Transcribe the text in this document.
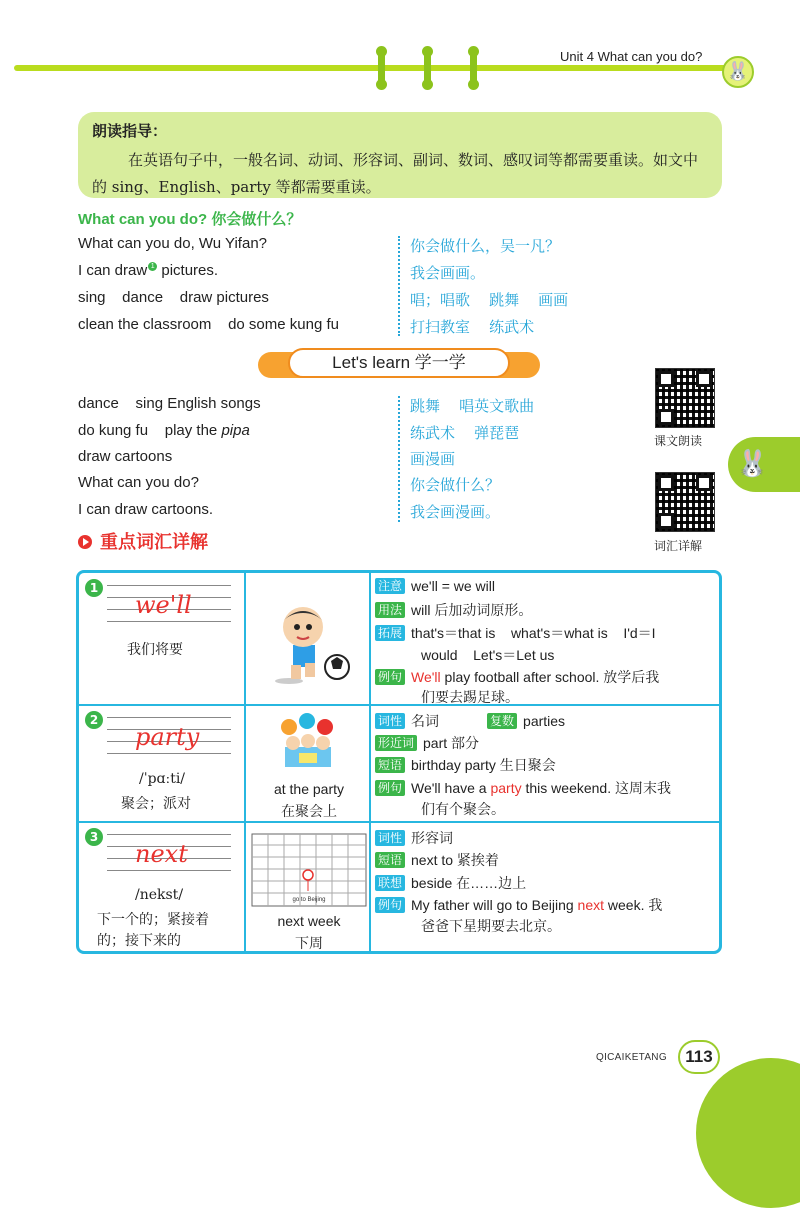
Unit 4 What can you do?
🐰

朗读指导：

在英语句子中，一般名词、动词、形容词、副词、数词、感叹词等都需要重读。如文中的 sing、English、party 等都需要重读。

What can you do? 你会做什么？
What can you do, Wu Yifan?	你会做什么，吴一凡？
I can draw 1 pictures.	我会画画。
sing    dance    draw pictures	唱；唱歌    跳舞    画画
clean the classroom    do some kung fu	打扫教室    练武术
Let's learn 学一学
dance    sing English songs	跳舞    唱英文歌曲
do kung fu    play the pipa	练武术    弹琵琶
draw cartoons	画漫画
What can you do?	你会做什么？
I can draw cartoons.	我会画漫画。
课文朗读
词汇详解
🐰
重点词汇详解
1
we'll
我们将要
注意 we'll = we will
用法 will 后加动词原形。
拓展 that's＝that is    what's＝what is    I'd＝I
would    Let's＝Let us
例句 We'll play football after school. 放学后我
们要去踢足球。
2
party
/ˈpɑːti/
聚会；派对
at the party
在聚会上
词性 名词	复数 parties
形近词 part 部分
短语 birthday party 生日聚会
例句 We'll have a party this weekend. 这周末我
们有个聚会。
3
next
/nekst/
下一个的；紧接着
的；接下来的
go to Beijing
next week
下周
词性 形容词
短语 next to 紧挨着
联想 beside 在……边上
例句 My father will go to Beijing next week. 我
爸爸下星期要去北京。
QICAIKETANG	113
